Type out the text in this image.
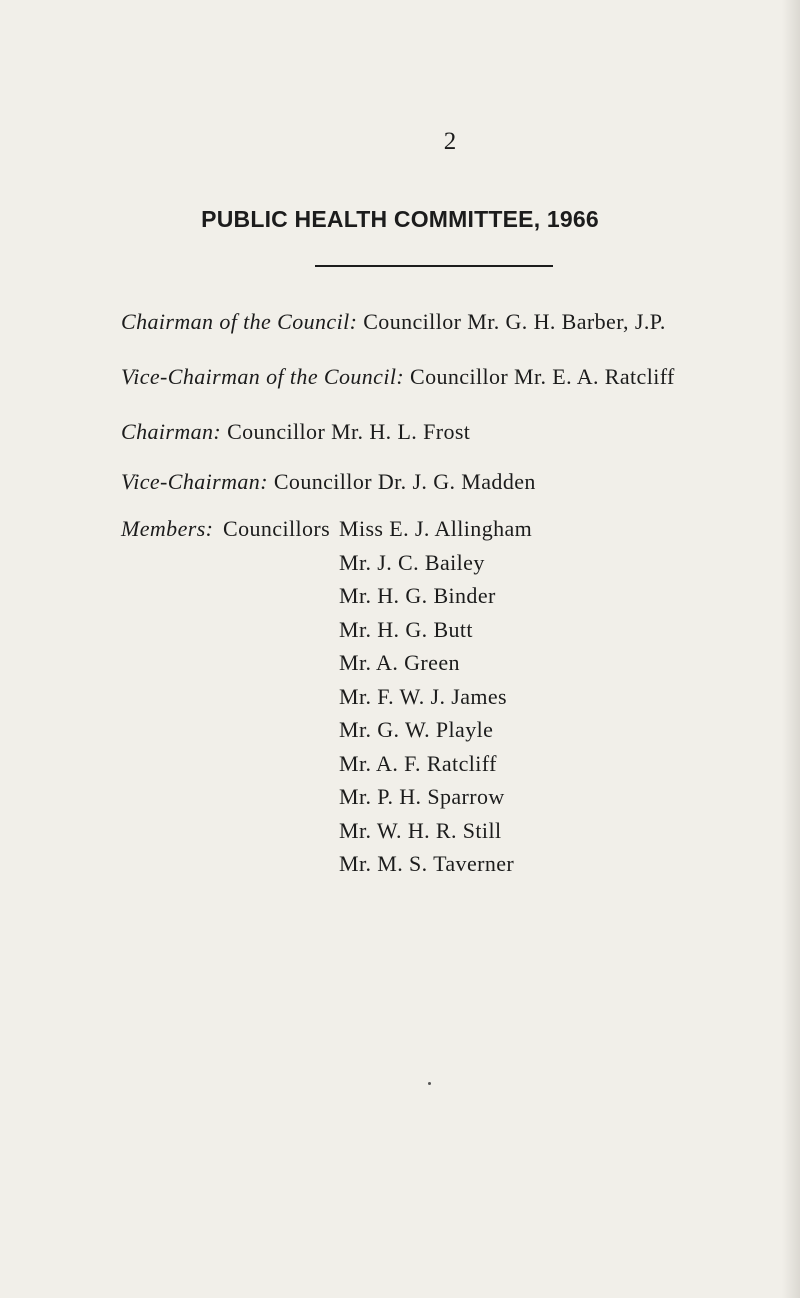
2
PUBLIC HEALTH COMMITTEE, 1966
Chairman of the Council: Councillor Mr. G. H. Barber, J.P.
Vice-Chairman of the Council: Councillor Mr. E. A. Ratcliff
Chairman: Councillor Mr. H. L. Frost
Vice-Chairman: Councillor Dr. J. G. Madden
Members: Councillors Miss E. J. Allingham
Mr. J. C. Bailey
Mr. H. G. Binder
Mr. H. G. Butt
Mr. A. Green
Mr. F. W. J. James
Mr. G. W. Playle
Mr. A. F. Ratcliff
Mr. P. H. Sparrow
Mr. W. H. R. Still
Mr. M. S. Taverner
